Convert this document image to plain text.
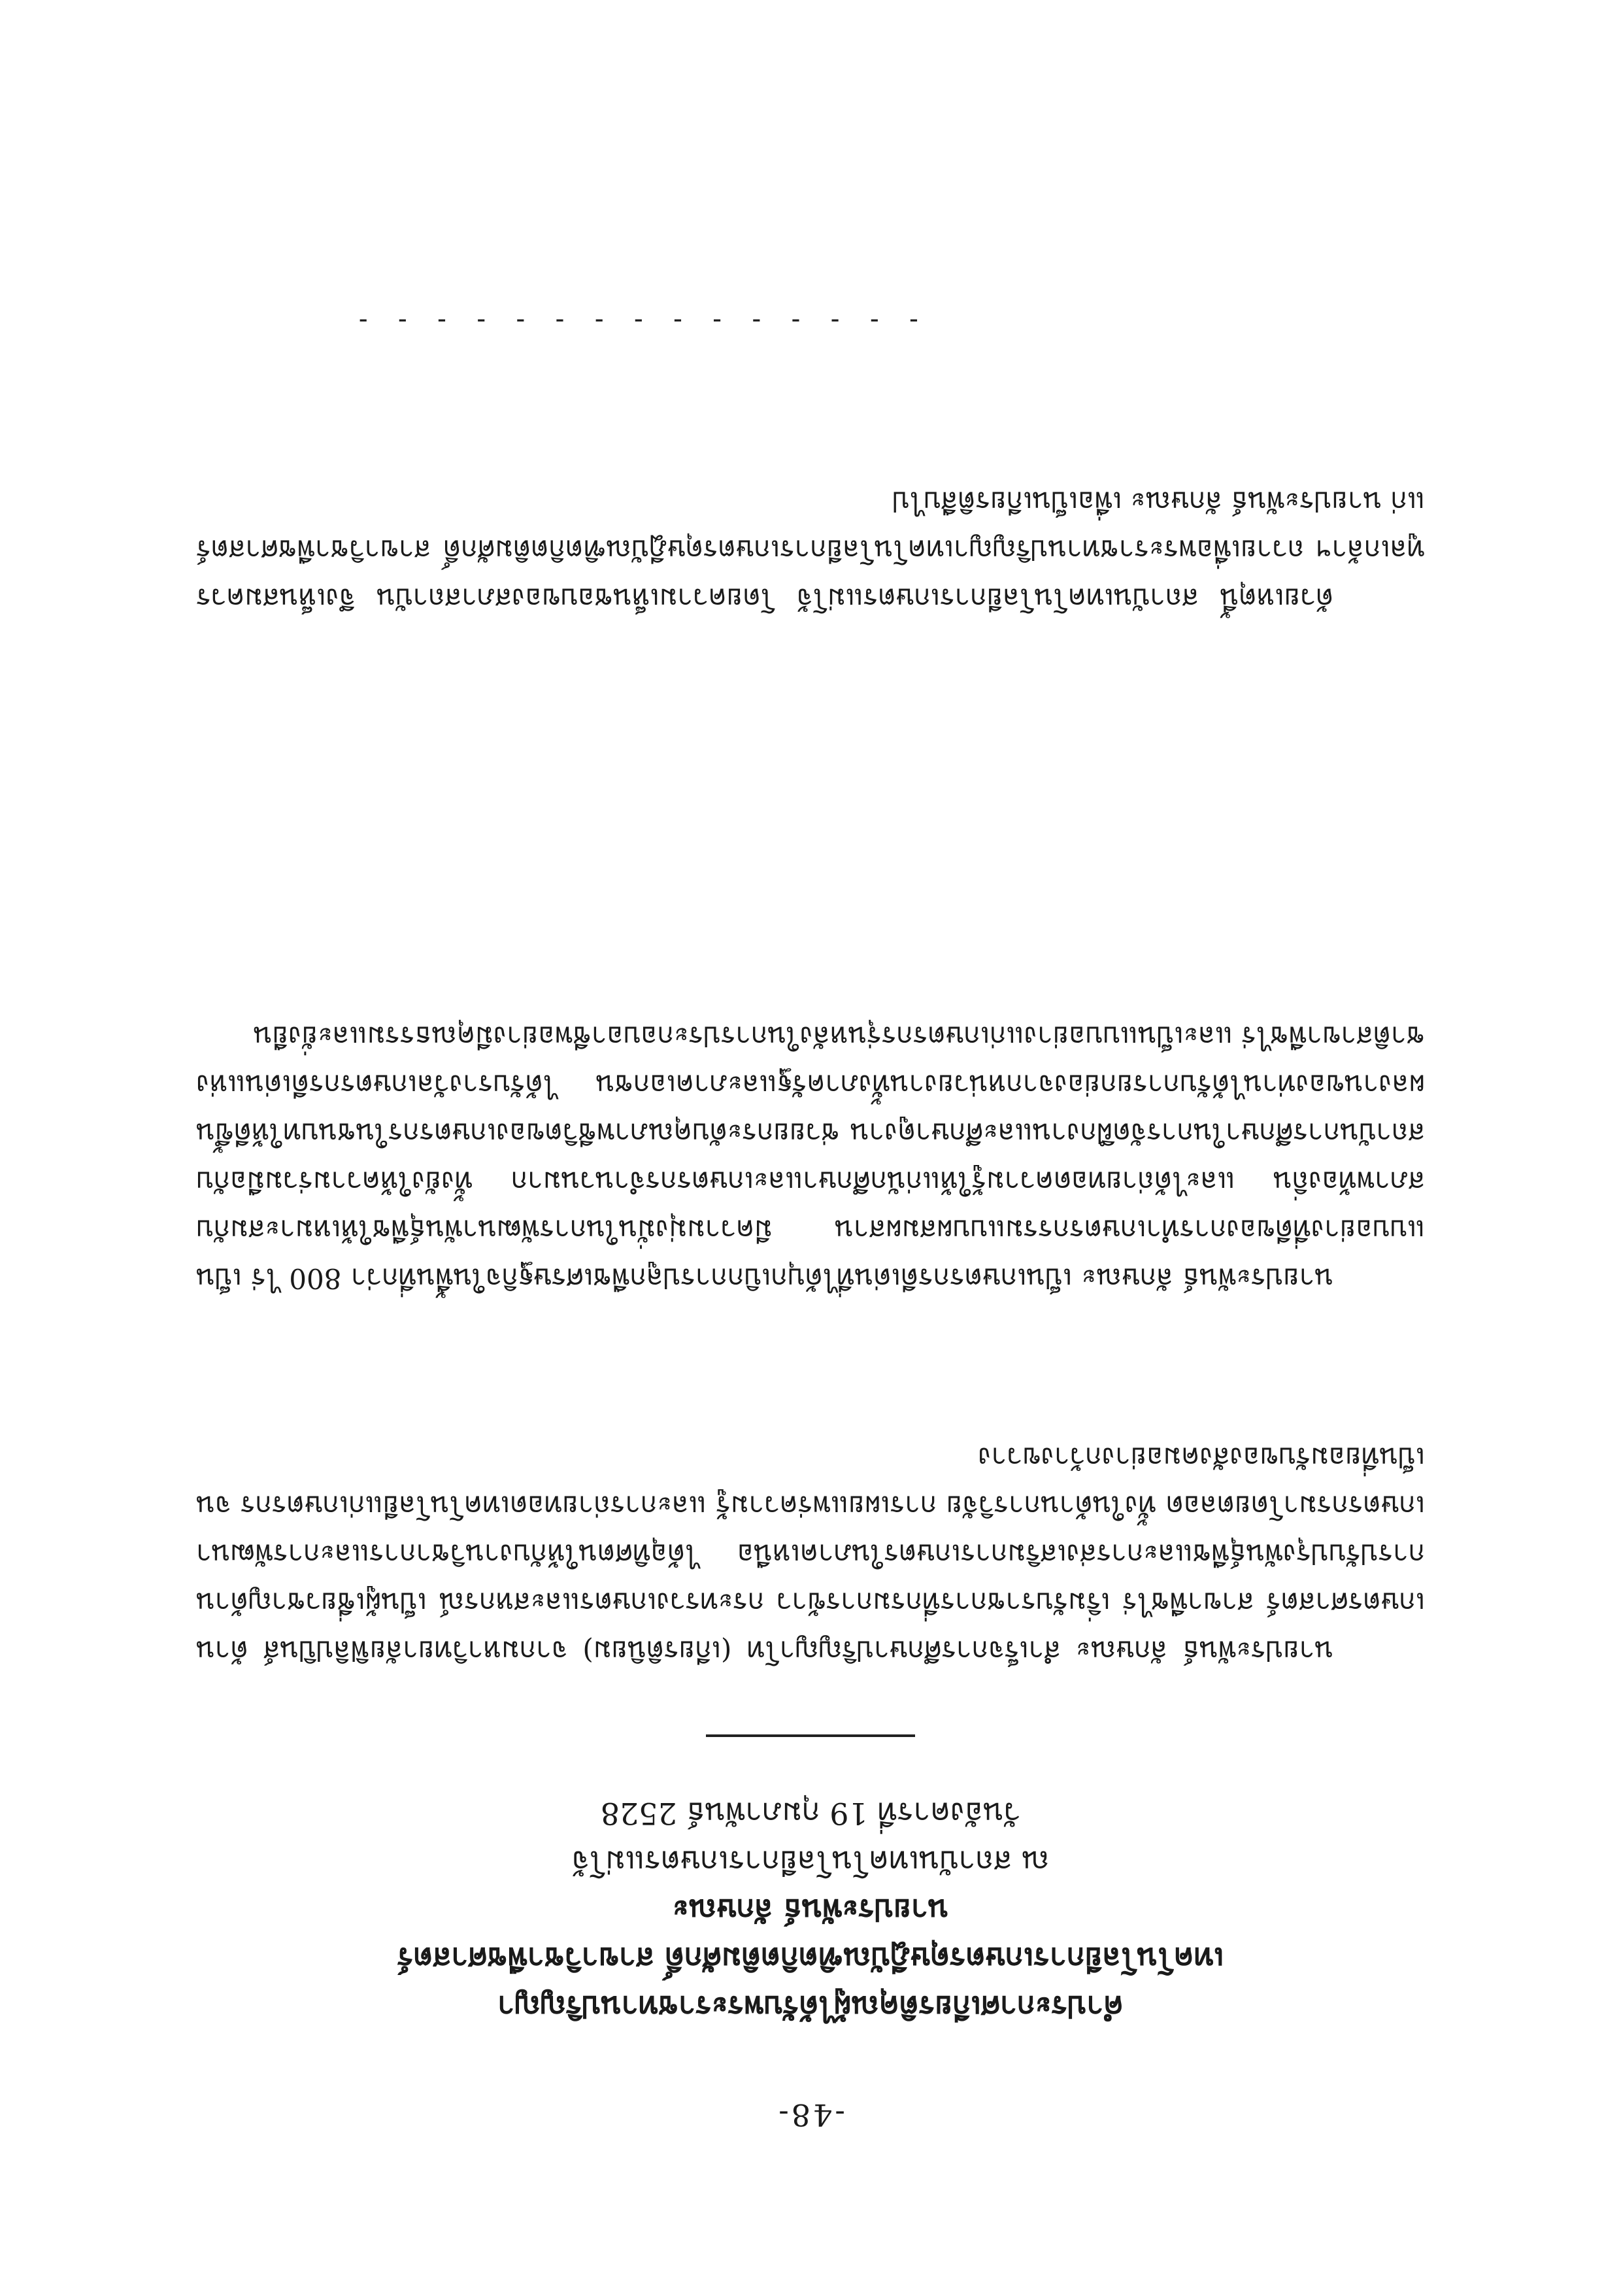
-48-
คำประกาศเกียรติคุณผู้ได้รับพระราชทานปริญญา
เทคโนโลยีการเกษตรดุษฎีบัณฑิตกิตติมศักดิ์ สาขาวิชาพืชศาสตร์
นายประพันธ์ ลักษณะ
ณ สถาบันเทคโนโลยีการเกษตรแม่โจ้
วันอังคารที่ 19 กุมภาพันธ์ 2528

นายประพันธ์ ลักษณะ สำเร็จการศึกษาปริญญาโท (เกียรตินิยม) จากมหาวิทยาลัยฟิลิปปินส์ ด้านเกษตรศาสตร์ สาขาพืชไร่ เริ่มรับราชการที่กรมการข้าว กระทรวงเกษตรและสหกรณ์ เป็นผู้เชี่ยวชาญด้านการปรับปรุงพันธุ์พืชและการส่งเสริมการเกษตรในภาคเหนือ ได้อุทิศตนให้กับงานวิชาการและการพัฒนาเกษตรกรมาโดยตลอด ทั้งในด้านการวิจัย การเผยแพร่ความรู้ และการถ่ายทอดเทคโนโลยีแก่เกษตรกร จนเป็นที่ยอมรับของสังคมอย่างกว้างขวาง

นายประพันธ์ ลักษณะ เป็นเกษตรกรดีเด่นที่ได้บุกเบิกการปลูกพืชเศรษฐกิจในพื้นที่กว่า 800 ไร่ เป็นแบบอย่างที่ดีของการทำเกษตรกรรมแบบผสมผสาน มีความมุ่งมั่นในการพัฒนาพันธุ์พืชให้เหมาะสมกับสภาพท้องถิ่น และได้ถ่ายทอดความรู้ให้แก่นักศึกษาและเกษตรกรจำนวนมาก ทั้งยังให้ความร่วมมือกับสถาบันการศึกษาในการจัดฝึกงานและศึกษาดูงาน ช่วยยกระดับคุณภาพชีวิตของเกษตรกรในชนบทให้ดีขึ้น ผลงานของท่านได้รับการยกย่องจากหน่วยงานทั้งภาครัฐและภาคเอกชน ได้รับรางวัลเกษตรกรดีเด่นแห่งชาติสาขาพืชไร่ และเป็นแบบอย่างแก่เกษตรกรรุ่นหลังในการประกอบอาชีพอย่างมีคุณธรรมและยั่งยืน

ด้วยเหตุนี้ สถาบันเทคโนโลยีการเกษตรแม่โจ้ โดยความเห็นชอบของสภาสถาบัน จึงเห็นสมควรทูลเกล้าฯ ถวายเพื่อพระราชทานปริญญาเทคโนโลยีการเกษตรดุษฎีบัณฑิตกิตติมศักดิ์ สาขาวิชาพืชศาสตร์ แก่ นายประพันธ์ ลักษณะ เพื่อเป็นเกียรติสืบไป

- - - - - - - - - - - - - - -
